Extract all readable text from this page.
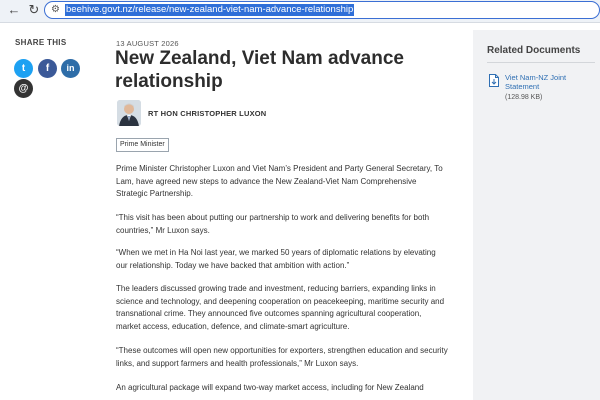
← ↻ ⚙ beehive.govt.nz/release/new-zealand-viet-nam-advance-relationship
SHARE THIS
t	f	in
@
13 AUGUST 2026
New Zealand, Viet Nam advance relationship
RT HON CHRISTOPHER LUXON
Prime Minister

Prime Minister Christopher Luxon and Viet Nam’s President and Party General Secretary, To Lam, have agreed new steps to advance the New Zealand-Viet Nam Comprehensive Strategic Partnership.

“This visit has been about putting our partnership to work and delivering benefits for both countries,” Mr Luxon says.

“When we met in Ha Noi last year, we marked 50 years of diplomatic relations by elevating our relationship. Today we have backed that ambition with action.”

The leaders discussed growing trade and investment, reducing barriers, expanding links in science and technology, and deepening cooperation on peacekeeping, maritime security and transnational crime. They announced five outcomes spanning agricultural cooperation, market access, education, defence, and climate-smart agriculture.

“These outcomes will open new opportunities for exporters, strengthen education and security links, and support farmers and health professionals,” Mr Luxon says.

An agricultural package will expand two-way market access, including for New Zealand

Related Documents
Viet Nam-NZ Joint Statement
(128.98 KB)
